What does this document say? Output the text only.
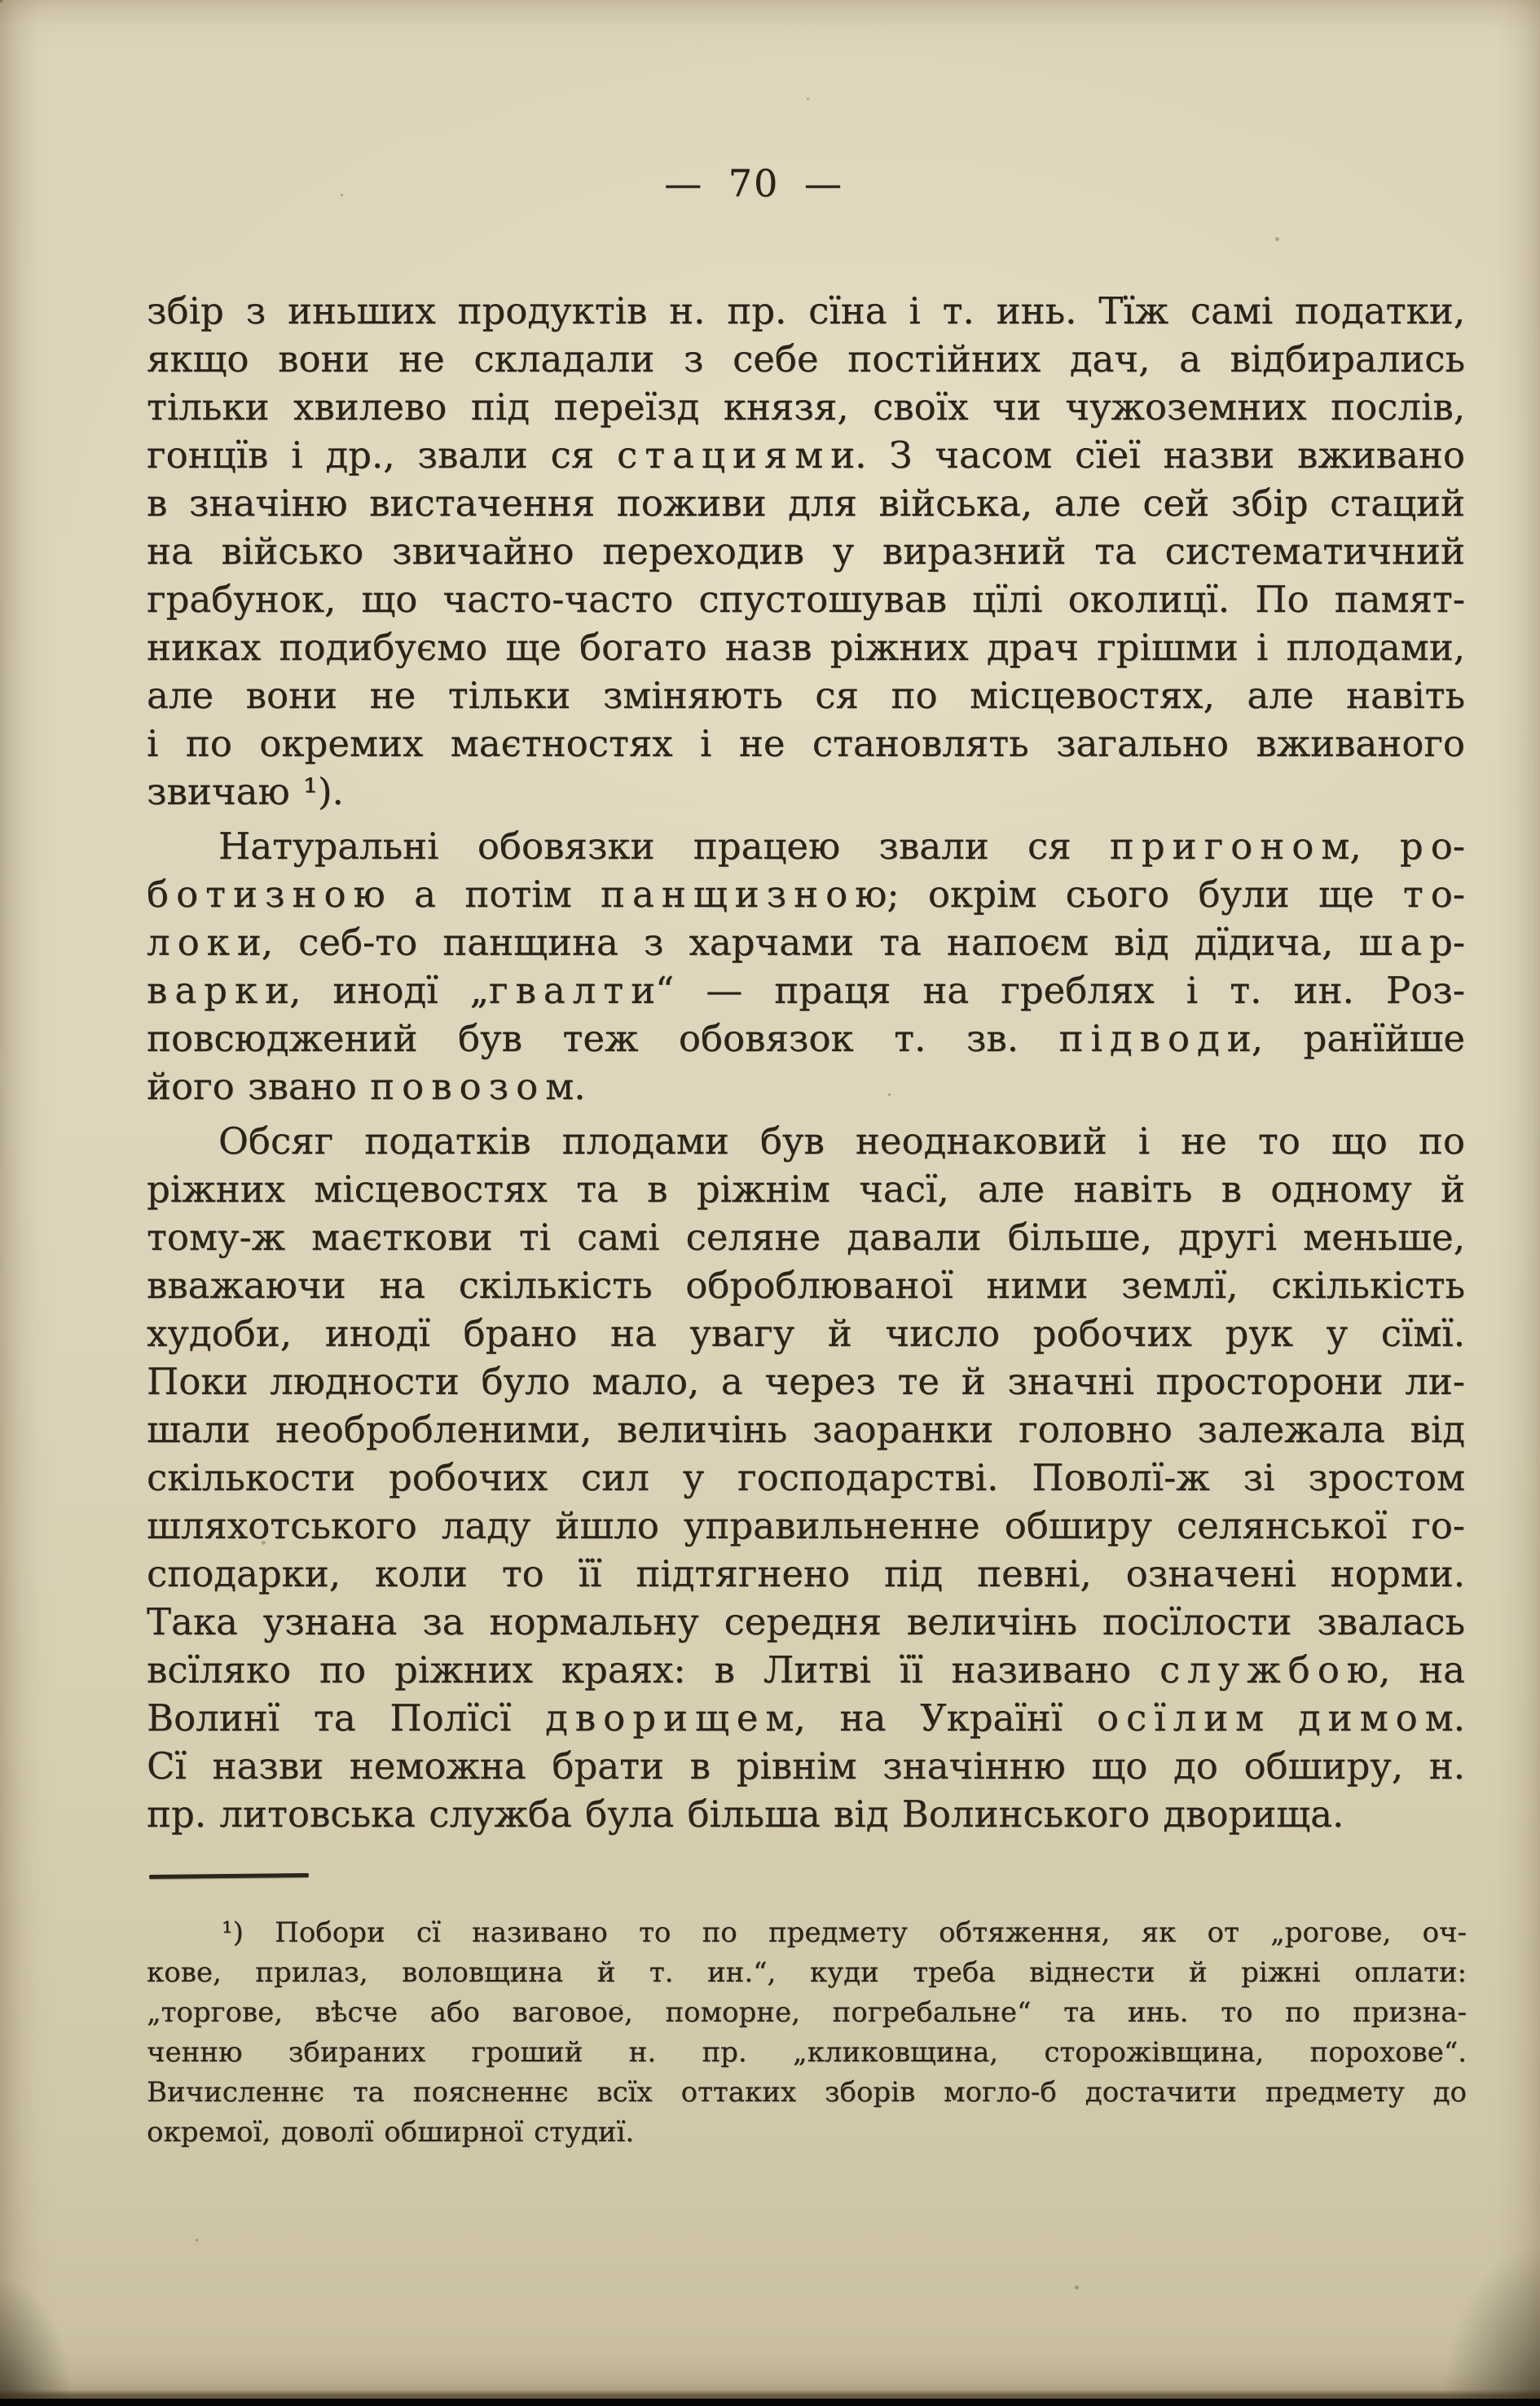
— 70 —
збір з иньших продуктів н. пр. сїна і т. инь. Тїж самі податки,
якщо вони не складали з себе постійних дач, а відбирались
тільки хвилево під переїзд князя, своїх чи чужоземних послів,
гонцїв і др., звали ся с т а ц и я м и. З часом сїеї назви вживано
в значіню вистачення поживи для війська, але сей збір стаций
на військо звичайно переходив у виразний та систематичний
грабунок, що часто-часто спустошував цїлі околицї. По памят-
никах подибуємо ще богато назв ріжних драч грішми і плодами,
але вони не тільки зміняють ся по місцевостях, але навіть
і по окремих маєтностях і не становлять загально вживаного
звичаю ¹).
Натуральні обовязки працею звали ся п р и г о н о м, р о-
б о т и з н о ю а потім п а н щ и з н о ю; окрім сього були ще т о-
л о к и, себ-то панщина з харчами та напоєм від дїдича, ш а р-
в а р к и, инодї „г в а л т и“ — праця на греблях і т. ин. Роз-
повсюджений був теж обовязок т. зв. п і д в о д и, ранїйше
його звано п о в о з о м.
Обсяг податків плодами був неоднаковий і не то що по
ріжних місцевостях та в ріжнім часї, але навіть в одному й
тому-ж маєткови ті самі селяне давали більше, другі меньше,
вважаючи на скількість оброблюваної ними землї, скількість
худоби, инодї брано на увагу й число робочих рук у сїмї.
Поки людности було мало, а через те й значні просторони ли-
шали необробленими, величінь заоранки головно залежала від
скількости робочих сил у господарстві. Поволї-ж зі зростом
шляхотського ладу йшло управильненне обширу селянської го-
сподарки, коли то її підтягнено під певні, означені норми.
Така узнана за нормальну середня величінь посїлости звалась
всїляко по ріжних краях: в Литві її називано с л у ж б о ю, на
Волинї та Полїсї д в о р и щ е м, на Українї о с ї л и м д и м о м.
Сї назви неможна брати в рівнім значінню що до обширу, н.
пр. литовська служба була більша від Волинського дворища.
¹) Побори сї називано то по предмету обтяження, як от „рогове, оч-
кове, прилаз, воловщина й т. ин.“, куди треба віднести й ріжні оплати:
„торгове, вѣсче або ваговое, поморне, погребальне“ та инь. то по призна-
ченню збираних гроший н. пр. „кликовщина, сторожівщина, порохове“.
Вичисленнє та поясненнє всїх оттаких зборів могло-б достачити предмету до
окремої, доволї обширної студиї.
